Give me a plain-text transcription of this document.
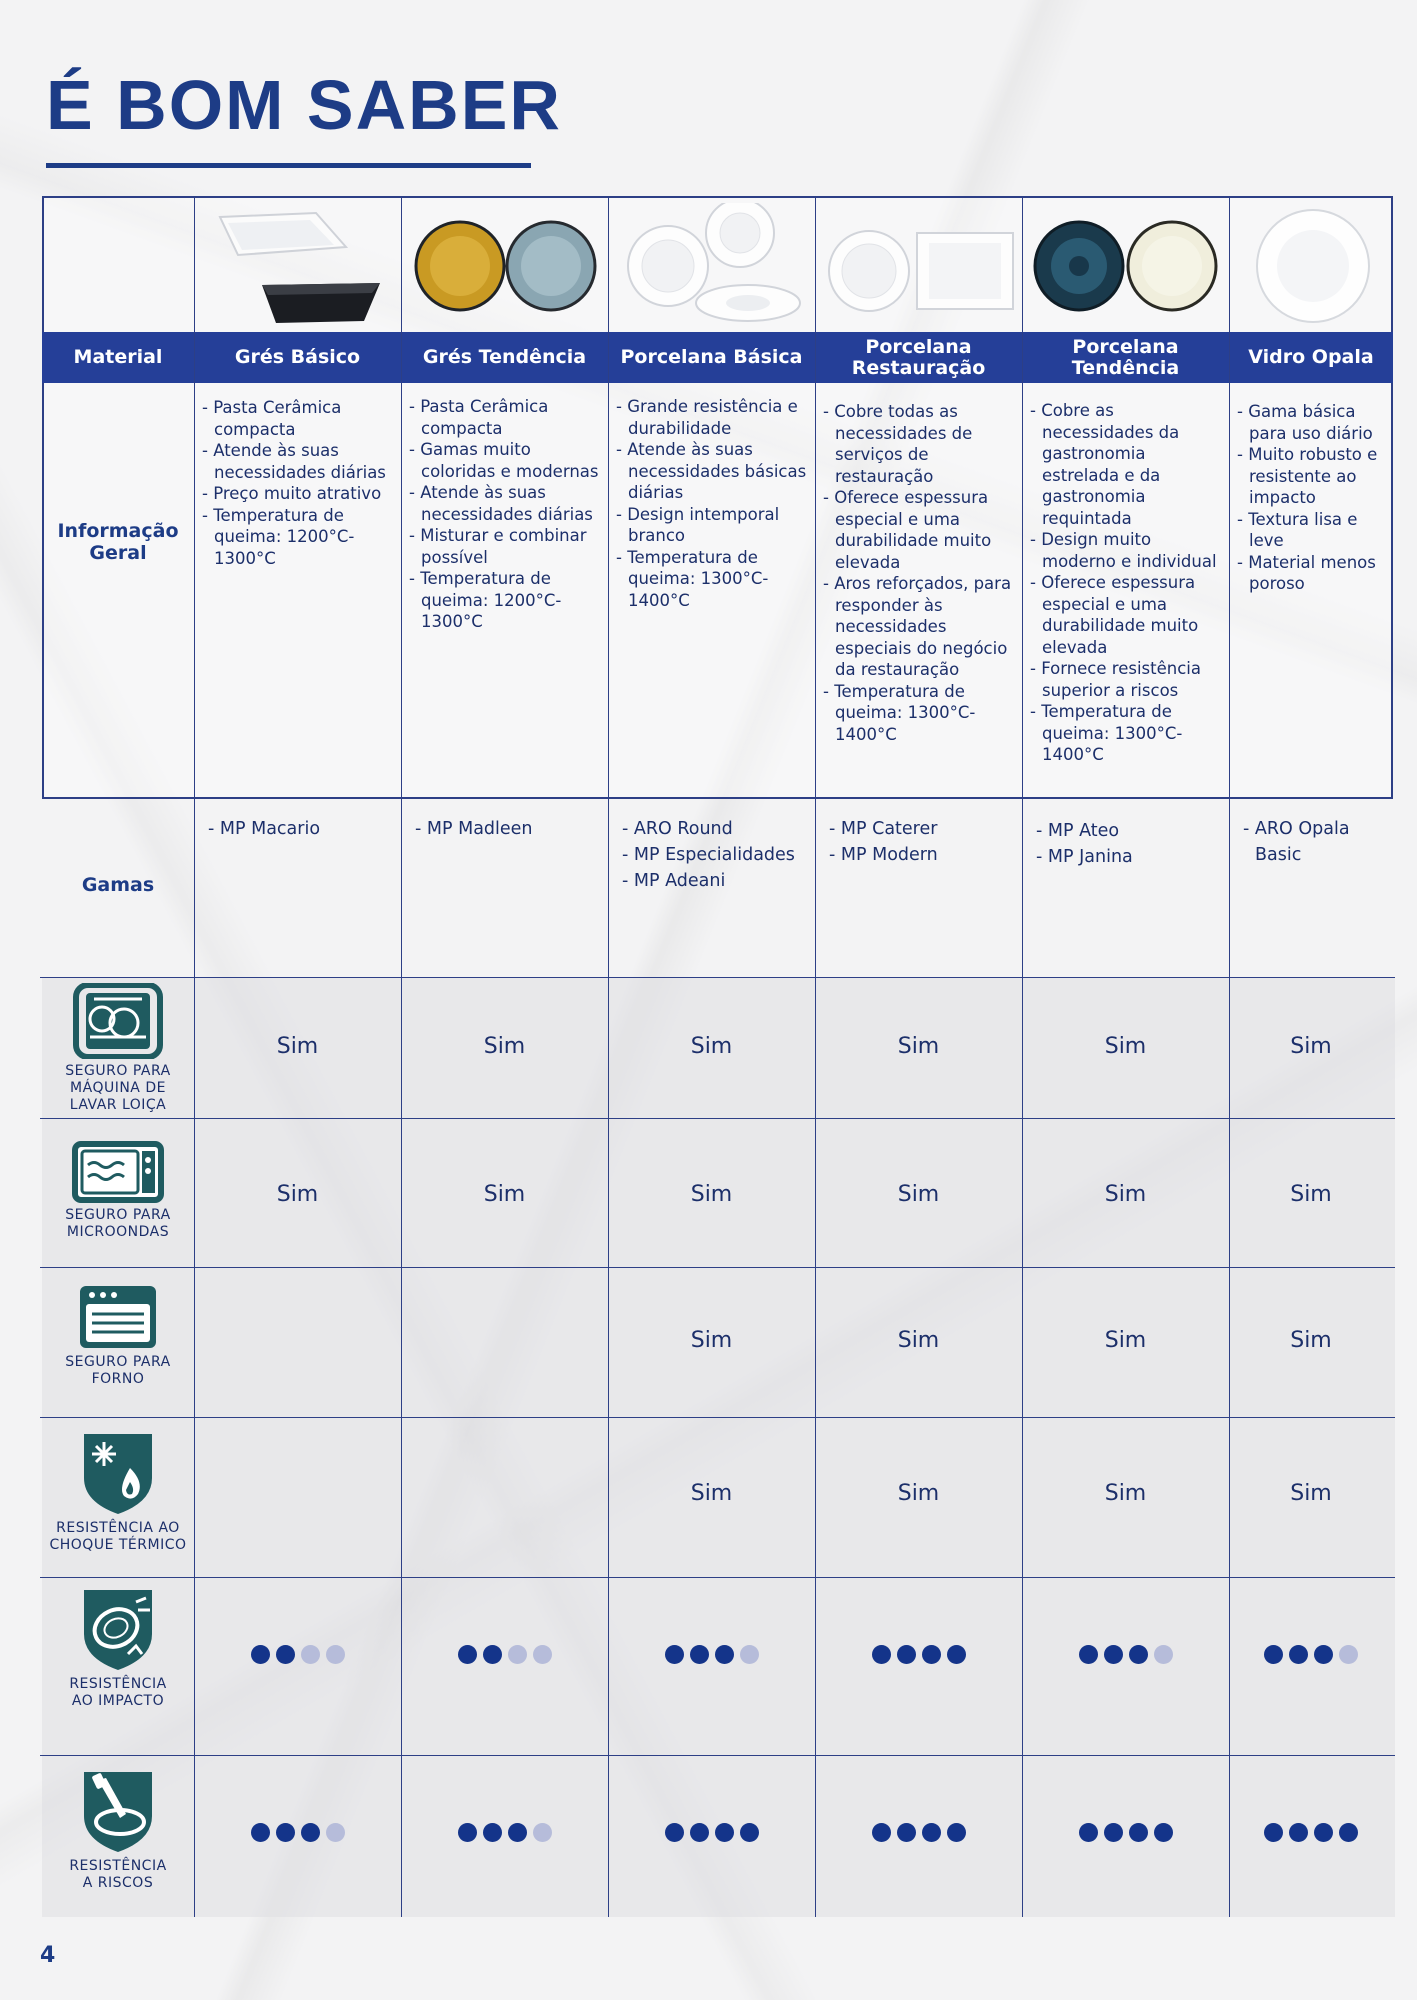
É BOM SABER
Material
Informação
Geral
Gamas
SEGURO PARA
MÁQUINA DE
LAVAR LOIÇA
SEGURO PARA
MICROONDAS
SEGURO PARA
FORNO
RESISTÊNCIA AO
CHOQUE TÉRMICO
RESISTÊNCIA
AO IMPACTO
RESISTÊNCIA
A RISCOS
Grés Básico
- Pasta Cerâmica compacta
- Atende às suas necessidades diárias
- Preço muito atrativo
- Temperatura de queima: 1200°C-1300°C
- MP Macario
Sim
Sim
Grés Tendência
- Pasta Cerâmica compacta
- Gamas muito coloridas e modernas
- Atende às suas necessidades diárias
- Misturar e combinar possível
- Temperatura de queima: 1200°C-1300°C
- MP Madleen
Sim
Sim
Porcelana Básica
- Grande resistência e durabilidade
- Atende às suas necessidades básicas diárias
- Design intemporal branco
- Temperatura de queima: 1300°C-1400°C
- ARO Round
- MP Especialidades
- MP Adeani
Sim
Sim
Sim
Sim
Porcelana
Restauração
- Cobre todas as necessidades de serviços de restauração
- Oferece espessura especial e uma durabilidade muito elevada
- Aros reforçados, para responder às necessidades especiais do negócio da restauração
- Temperatura de queima: 1300°C-1400°C
- MP Caterer
- MP Modern
Sim
Sim
Sim
Sim
Porcelana
Tendência
- Cobre as necessidades da gastronomia estrelada e da gastronomia requintada
- Design muito moderno e individual
- Oferece espessura especial e uma durabilidade muito elevada
- Fornece resistência superior a riscos
- Temperatura de queima: 1300°C-1400°C
- MP Ateo
- MP Janina
Sim
Sim
Sim
Sim
Vidro Opala
- Gama básica para uso diário
- Muito robusto e resistente ao impacto
- Textura lisa e leve
- Material menos poroso
- ARO Opala Basic
Sim
Sim
Sim
Sim
4
